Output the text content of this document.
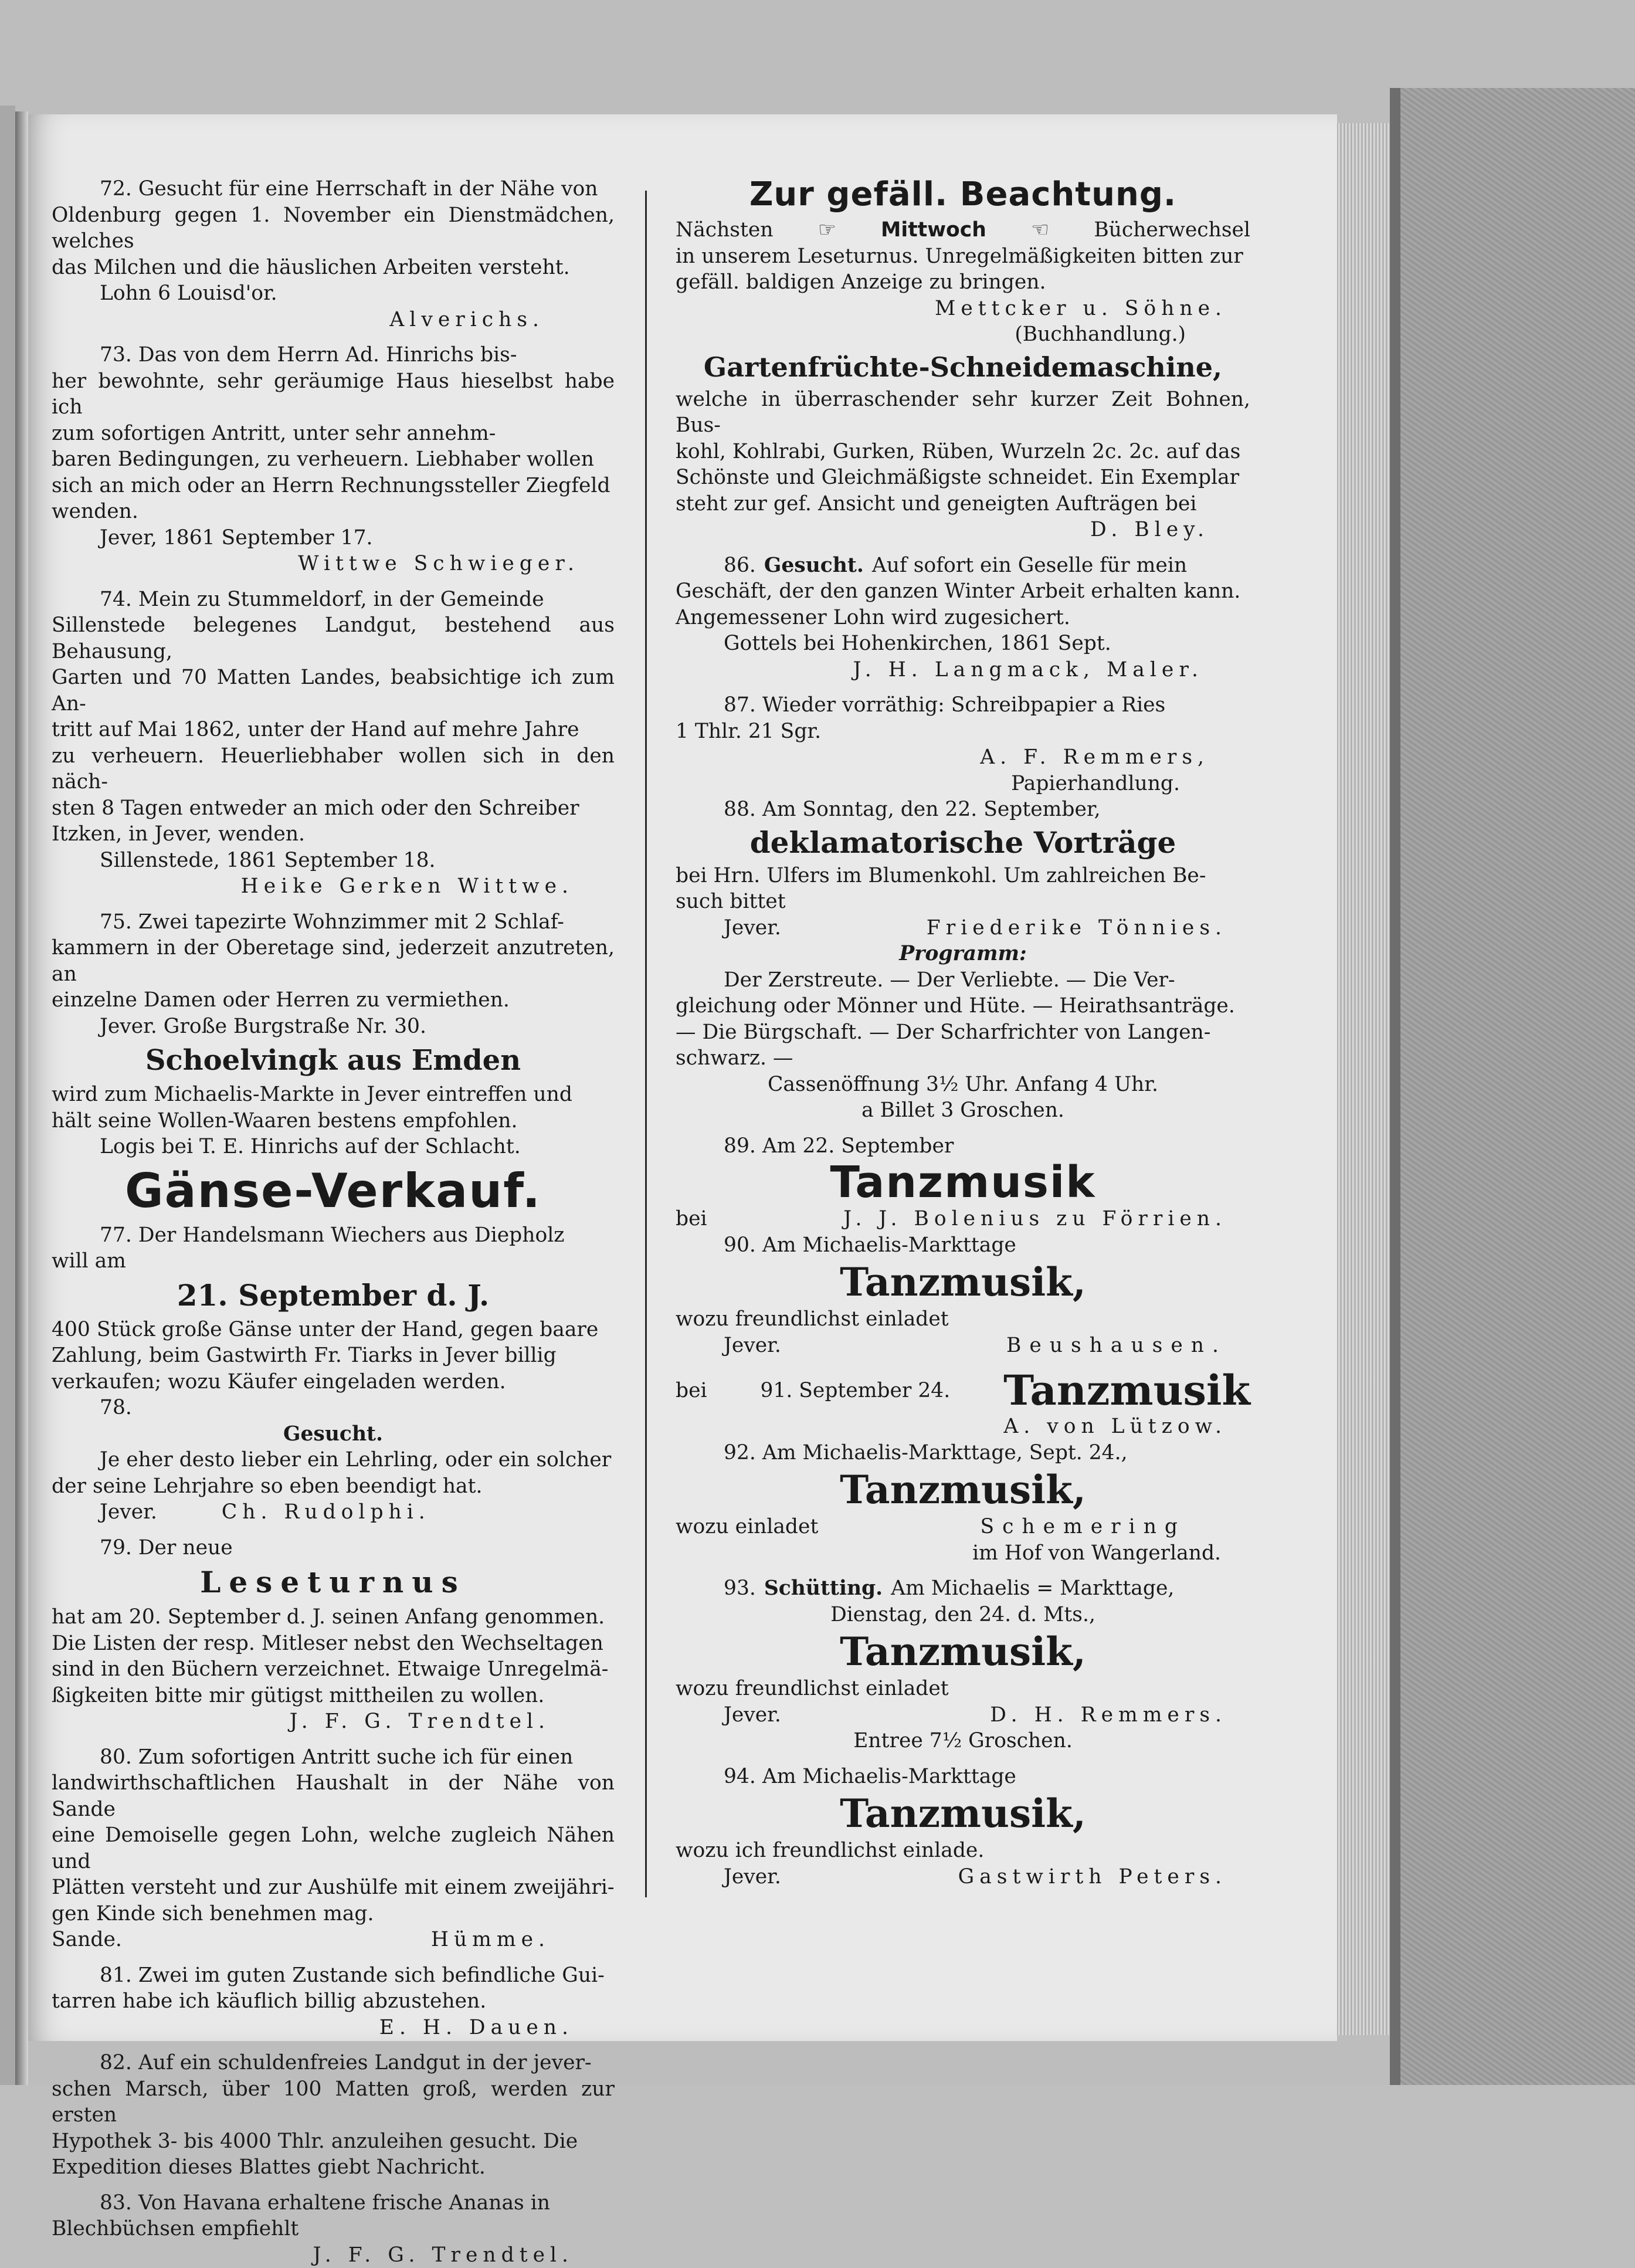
72. Gesucht für eine Herrschaft in der Nähe von

Oldenburg gegen 1. November ein Dienstmädchen, welches

das Milchen und die häuslichen Arbeiten versteht.

Lohn 6 Louisd'or.

Alverichs.

73. Das von dem Herrn Ad. Hinrichs bis-

her bewohnte, sehr geräumige Haus hieselbst habe ich

zum sofortigen Antritt, unter sehr annehm-

baren Bedingungen, zu verheuern. Liebhaber wollen

sich an mich oder an Herrn Rechnungssteller Ziegfeld

wenden.

Jever, 1861 September 17.

Wittwe Schwieger.

74. Mein zu Stummeldorf, in der Gemeinde

Sillenstede belegenes Landgut, bestehend aus Behausung,

Garten und 70 Matten Landes, beabsichtige ich zum An-

tritt auf Mai 1862, unter der Hand auf mehre Jahre

zu verheuern. Heuerliebhaber wollen sich in den näch-

sten 8 Tagen entweder an mich oder den Schreiber

Itzken, in Jever, wenden.

Sillenstede, 1861 September 18.

Heike Gerken Wittwe.

75. Zwei tapezirte Wohnzimmer mit 2 Schlaf-

kammern in der Oberetage sind, jederzeit anzutreten, an

einzelne Damen oder Herren zu vermiethen.

Jever. Große Burgstraße Nr. 30.

Schoelvingk aus Emden

wird zum Michaelis-Markte in Jever eintreffen und

hält seine Wollen-Waaren bestens empfohlen.

Logis bei T. E. Hinrichs auf der Schlacht.

Gänse-Verkauf.

77. Der Handelsmann Wiechers aus Diepholz

will am

21. September d. J.

400 Stück große Gänse unter der Hand, gegen baare

Zahlung, beim Gastwirth Fr. Tiarks in Jever billig

verkaufen; wozu Käufer eingeladen werden.

78.

Gesucht.

Je eher desto lieber ein Lehrling, oder ein solcher

der seine Lehrjahre so eben beendigt hat.

Jever.	Ch. Rudolphi.

79. Der neue

Leseturnus

hat am 20. September d. J. seinen Anfang genommen.

Die Listen der resp. Mitleser nebst den Wechseltagen

sind in den Büchern verzeichnet. Etwaige Unregelmä-

ßigkeiten bitte mir gütigst mittheilen zu wollen.

J. F. G. Trendtel.

80. Zum sofortigen Antritt suche ich für einen

landwirthschaftlichen Haushalt in der Nähe von Sande

eine Demoiselle gegen Lohn, welche zugleich Nähen und

Plätten versteht und zur Aushülfe mit einem zweijähri-

gen Kinde sich benehmen mag.

Sande.	Hümme.

81. Zwei im guten Zustande sich befindliche Gui-

tarren habe ich käuflich billig abzustehen.

E. H. Dauen.

82. Auf ein schuldenfreies Landgut in der jever-

schen Marsch, über 100 Matten groß, werden zur ersten

Hypothek 3- bis 4000 Thlr. anzuleihen gesucht. Die

Expedition dieses Blattes giebt Nachricht.

83. Von Havana erhaltene frische Ananas in

Blechbüchsen empfiehlt

J. F. G. Trendtel.

Zur gefäll. Beachtung.

Nächsten ☞ Mittwoch ☜ Bücherwechsel

in unserem Leseturnus. Unregelmäßigkeiten bitten zur

gefäll. baldigen Anzeige zu bringen.

Mettcker u. Söhne.

(Buchhandlung.)

Gartenfrüchte-Schneidemaschine,

welche in überraschender sehr kurzer Zeit Bohnen, Bus-

kohl, Kohlrabi, Gurken, Rüben, Wurzeln 2c. 2c. auf das

Schönste und Gleichmäßigste schneidet. Ein Exemplar

steht zur gef. Ansicht und geneigten Aufträgen bei

D. Bley.

86. Gesucht. Auf sofort ein Geselle für mein

Geschäft, der den ganzen Winter Arbeit erhalten kann.

Angemessener Lohn wird zugesichert.

Gottels bei Hohenkirchen, 1861 Sept.

J. H. Langmack, Maler.

87. Wieder vorräthig: Schreibpapier a Ries

1 Thlr. 21 Sgr.

A. F. Remmers,

Papierhandlung.

88. Am Sonntag, den 22. September,

deklamatorische Vorträge

bei Hrn. Ulfers im Blumenkohl. Um zahlreichen Be-

such bittet

Jever.	Friederike Tönnies.

Programm:

Der Zerstreute. — Der Verliebte. — Die Ver-

gleichung oder Mönner und Hüte. — Heirathsanträge.

— Die Bürgschaft. — Der Scharfrichter von Langen-

schwarz. —

Cassenöffnung 3½ Uhr. Anfang 4 Uhr.

a Billet 3 Groschen.

89. Am 22. September

Tanzmusik

bei	J. J. Bolenius zu Förrien.

90. Am Michaelis-Markttage

Tanzmusik,

wozu freundlichst einladet

Jever.	Beushausen.
bei	91. September 24. Tanzmusik

A. von Lützow.

92. Am Michaelis-Markttage, Sept. 24.,

Tanzmusik,

wozu einladet	Schemering

im Hof von Wangerland.

93. Schütting. Am Michaelis = Markttage,

Dienstag, den 24. d. Mts.,

Tanzmusik,

wozu freundlichst einladet

Jever.	D. H. Remmers.

Entree 7½ Groschen.

94. Am Michaelis-Markttage

Tanzmusik,

wozu ich freundlichst einlade.

Jever.	Gastwirth Peters.
